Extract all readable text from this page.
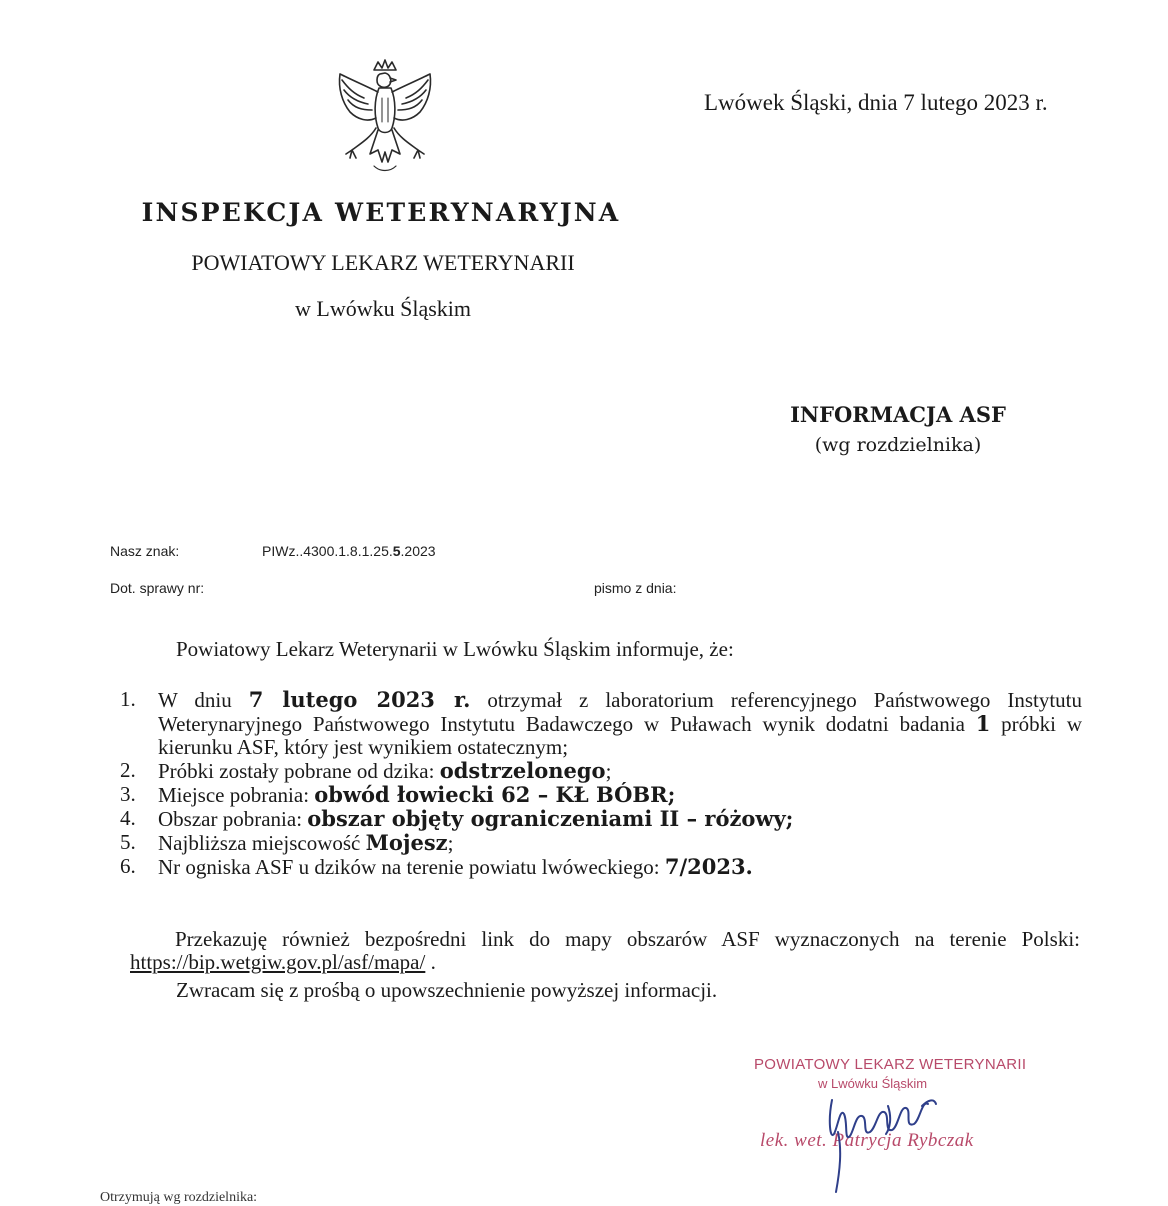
Lwówek Śląski, dnia 7 lutego 2023 r.
INSPEKCJA WETERYNARYJNA
POWIATOWY LEKARZ WETERYNARII
w Lwówku Śląskim
INFORMACJA ASF
(wg rozdzielnika)
Nasz znak:	PIWz..4300.1.8.1.25.5.2023
Dot. sprawy nr:	pismo z dnia:
Powiatowy Lekarz Weterynarii w Lwówku Śląskim informuje, że:
1. W dniu 7 lutego 2023 r. otrzymał z laboratorium referencyjnego Państwowego Instytutu Weterynaryjnego Państwowego Instytutu Badawczego w Puławach wynik dodatni badania 1 próbki w kierunku ASF, który jest wynikiem ostatecznym;
2. Próbki zostały pobrane od dzika: odstrzelonego;
3. Miejsce pobrania: obwód łowiecki 62 – KŁ BÓBR;
4. Obszar pobrania: obszar objęty ograniczeniami II – różowy;
5. Najbliższa miejscowość Mojesz;
6. Nr ogniska ASF u dzików na terenie powiatu lwóweckiego: 7/2023.
Przekazuję również bezpośredni link do mapy obszarów ASF wyznaczonych na terenie Polski: https://bip.wetgiw.gov.pl/asf/mapa/ .
Zwracam się z prośbą o upowszechnienie powyższej informacji.
POWIATOWY LEKARZ WETERYNARII
w Lwówku Śląskim
lek. wet. Patrycja Rybczak
Otrzymują wg rozdzielnika:
